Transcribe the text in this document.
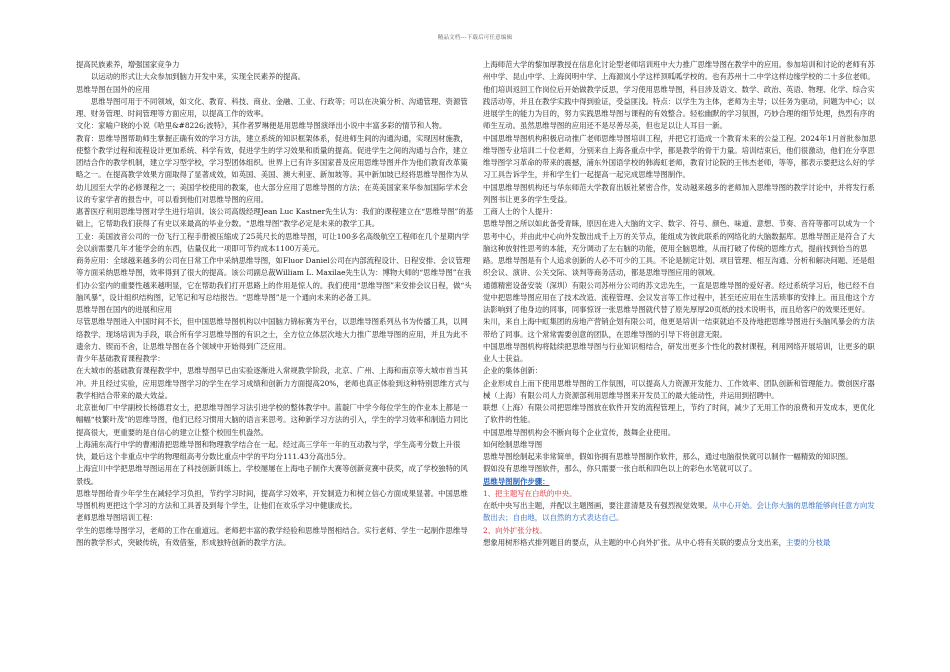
精品文档---下载后可任意编辑

提高民族素养，增强国家竞争力

以运动的形式让大众参加到脑力开发中来，实现全民素养的提高。

思维导图在国外的应用

思维导图可用于不同领域，如文化、教育、科技、商业、金融、工业、行政等；可以在决策分析、沟通管理、资源管理、财务管理、时间管理等方面应用，以提高工作的效率。

文化：家喻户晓的小说《哈里&#8226;波特》，其作者罗琳便是用思维导图演绎出小说中丰富多彩的情节和人物。

教育：思维导图帮助师生掌握正确有效的学习方法，建立系统的知识框架体系，促进师生间的沟通沟通，实现因材施教，使整个教学过程和流程设计更加系统、科学有效，促进学生的学习效果和质量的提高。促进学生之间的沟通与合作，建立团结合作的教学机制，建立学习型学校，学习型团体组织。世界上已有许多国家普及应用思维导图并作为他们教育改革策略之一。在提高教学效果方面取得了显著成效，如英国、美国、澳大利亚、新加坡等。其中新加坡已经将思维导图作为从幼儿园至大学的必修课程之一；美国学校使用的教案，也大部分应用了思维导图的方法；在英美国家来华参加国际学术会议的专家学者的报告中，可以看到他们对思维导图的应用。

惠普医疗利用思维导图对学生进行培训。该公司高级经理Jean Luc Kastner先生认为：我们的课程建立在“思维导图”的基础上，它帮助我们获得了有史以来最高的毕业分数。“思维导图”教学必定是未来的教学工具。

工业：美国波音公司的一份飞行工程手册被压缩成了25英尺长的思维导图，可让100多名高级航空工程师在几个星期内学会以前需要几年才能学会的东西，估量仅此一项即可节约成本1100万美元。

商务应用：全球越来越多的公司在日常工作中采纳思维导图，如Fluor Daniel公司在内部流程设计、日程安排、会议管理等方面采纳思维导图，效率得到了很大的提高。该公司副总裁William L. Maxilae先生认为：博物大师的“思维导图”在我们办公室内的重要性越来越明显，它在帮助我们打开思路上的作用是惊人的。我们使用“思维导图”来安排会议日程，做“头脑风暴”，设计组织结构图，记笔记和写总结报告。“思维导图”是一个通向未来的必备工具。

思维导图在国内的进展和应用

尽管思维导图进入中国时间不长，但中国思维导图机构以中国脑力锦标赛为平台，以思维导图系列丛书为传播工具，以网络教学、现场培训为手段，联合所有学习思维导图的有识之士，全方位立体层次地大力推广思维导图的应用，并且为此不遗余力、锲而不舍，让思维导图在各个领域中开始得到广泛应用。

青少年基础教育课程教学：

在大城市的基础教育课程教学中，思维导图早已由实验逐渐进入常规教学阶段，北京、广州、上海和南京等大城市首当其冲。并且经过实验，应用思维导图学习的学生在学习成绩和创新力方面提高20%，老师也真正体验到这种特别思维方式与教学相结合带来的最大效益。

北京崔甸厂中学副校长杨德君女士，把思维导图学习法引进学校的整体教学中。蓝靛厂中学今每位学生的作业本上都是一幅幅“枝繁叶茂”的思维导图，他们已经习惯用大脑的语言来思考。这种新学习方法的引入，学生的学习效率和制造力同比提高很大，更重要的是自信心的建立让整个校园生机盎然。

上海浦东高行中学的曹湘清把思维导图和物理教学结合在一起。经过高三学年一年的互动教与学，学生高考分数上升很快，最后这个非重点中学的物理组高考分数比重点中学的平均分111.43分高出5分。

上海宜川中学把思维导图运用在了科技创新训练上。学校屡屡在上海电子制作大赛等创新竞赛中获奖，成了学校独特的风景线。

思维导图给青少年学生在减轻学习负担，节约学习时间，提高学习效率，开发制造力和树立信心方面成果显著。中国思维导图机构更把这个学习的方法和工具普及到每个学生，让他们在欢乐学习中健康成长。

老师思维导图培训工程：

学生的思维导图学习，老师的工作在重道远。老师把丰富的教学经验和思维导图相结合。实行老师、学生一起制作思维导图的教学形式，突破传统，有效借鉴，形成独特创新的教学方法。

上海师范大学的黎加厚教授在信息化讨论型老师培训班中大力推广思维导图在教学中的应用。参加培训和讨论的老师有苏州中学、昆山中学、上海闵明中学、上海源岚小学这样顶呱呱学校的。也有苏州十二中学这样边缘学校的二十多位老师。他们培训返回工作岗位后开始做教学反思，学习使用思维导图，科目涉及语文、数学、政治、英语、物理、化学、综合实践活动等，并且在教学实践中得到验证，受益匪浅。特点：以学生为主体，老师为主导；以任务为驱动，问题为中心；以进展学生的能力为目的，努力实践思维导图与课程的有效整合。轻松幽默的学习氛围，巧妙合理的细节处理，热烈有序的师生互动。虽然思维导图的应用还不是尽善尽美，但也足以让人耳目一新。

中国思维导图机构积极启动推广老师思维导图培训工程，并把它打造成一个教育未来的公益工程。2024年1月首批参加思维导图专业培训二十位老师，分别来自上海各重点中学，都是教学的骨干力量。培训结束后，他们很激动，他们在分享思维导图学习革命的带来的震撼，浦东外国语学校的韩海虹老师，教育讨论院的王伟杰老师，等等，都表示要把这么好的学习工具告诉学生，并和学生们一起提高一起完成思维导图制作。

中国思维导图机构还与华东师范大学教育出版社紧密合作，发动越来越多的老师加入思维导图的教学讨论中，并将发行系列图书让更多的学生受益。

工商人士的个人提升：

思维导图之所以如此备受青睐，原因在进入大脑的文字、数字、符号、颜色、味道、意想、节奏、音符等都可以成为一个思考中心，并由此中心向外发散出成千上万的关节点，能组成为彼此联系的网络化的大脑数据库。思维导图正是符合了大脑这种放射性思考的本能，充分调动了左右脑的功能，使用全脑思维，从而打破了传统的思维方式，提前找到恰当的思路。思维导图是有个人追求创新的人必不可少的工具。不论是制定计划、项目管理、相互沟通、分析和解决问题、还是组织会议、演讲、公关交际、谈判等商务活动，都是思维导图应用的领域。

通德精密设备安装（深圳）有限公司苏州分公司的苏文忠先生，一直是思维导图的爱好者。经过系统学习后，他已经不自觉中把思维导图应用在了技术改造、流程管理、会议发言等工作过程中，甚至还应用在生活琐事的安排上。而且他这个方法影响到了他身边的同事，同事惊讶一张思维导图就代替了原先厚厚20页纸的技术说明书，而且给客户的效果还更好。

朱川，来自上海中虹集团的房地产营销企划有限公司，他更是培训一结束就迫不及待地把思维导图进行头脑风暴会的方法带给了同事。这个常常需要创意的团队，在思维导图的引导下将创意无限。

中国思维导图机构将陆续把思维导图与行业知识相结合，研发出更多个性化的教材课程，利用网络开展培训，让更多的职业人士获益。

企业的集体创新：

企业形成自上而下使用思维导图的工作氛围，可以提高人力资源开发能力、工作效率、团队创新和管理能力。微创医疗器械（上海）有限公司人力资源部利用思维导图来开发员工的最大能动性，并运用到招聘中。

联想（上海）有限公司把思维导图放在软件开发的流程管理上，节约了时间，减少了无用工作的浪费和开发成本，更优化了软件的性能。

中国思维导图机构会不断向每个企业宣传，鼓舞企业使用。

如何绘制思维导图

思维导图绘制起来非常简单，假如你拥有思维导图制作软件，那么，通过电脑很快就可以制作一幅精致的知识图。

假如没有思维导图软件，那么，你只需要一张白纸和四色以上的彩色水笔就可以了。

思维导图制作步骤：

1、把主题写在白纸的中央。

在纸中央写出主题，并配以主题图画，要注意清楚及有强烈视觉效果。从中心开始。会让你大脑的思维能够向任意方向发散出去；自由地，以自然的方式表达自己。

2、向外扩张分枝。

想象用树形格式排列题目的要点，从主题的中心向外扩张。从中心将有关联的要点分支出来，主要的分枝最
